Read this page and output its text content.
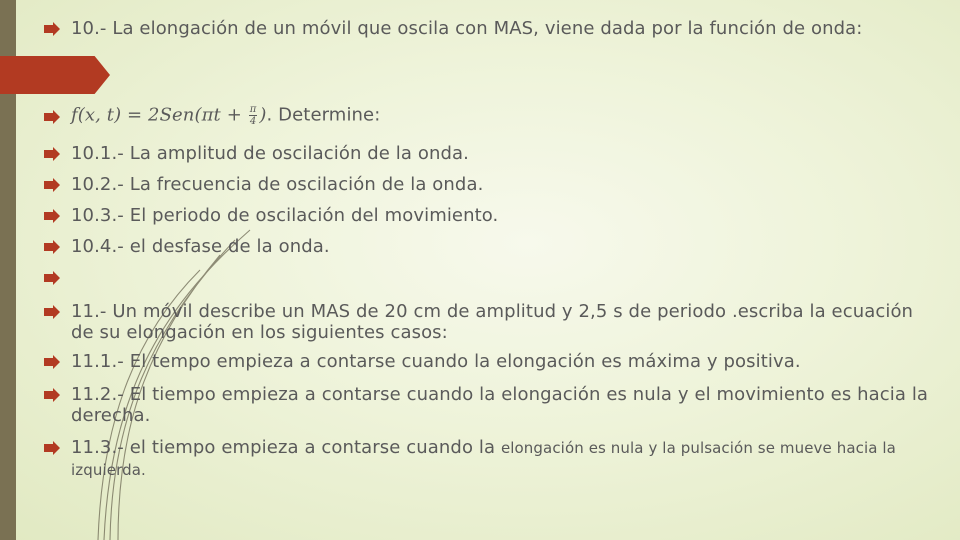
10.- La elongación de un móvil que oscila con MAS, viene dada por la función de onda:
f(x, $t) = 2Sen(\pi t + \frac{\pi}{4}$ ). Determine:
10.1.- La amplitud de oscilación de la onda.
10.2.- La frecuencia de oscilación de la onda.
10.3.- El periodo de oscilación del movimiento.
10.4.- el desfase de la onda.
11.- Un móvil describe un MAS de 20 cm de amplitud y 2,5 s de periodo .escriba la ecuación de su elongación en los siguientes casos:
11.1.- El tempo empieza a contarse cuando la elongación es máxima y positiva.
11.2.- El tiempo empieza a contarse cuando la elongación es nula y el movimiento es hacia la derecha.
11.3.- el tiempo empieza a contarse cuando la elongación es nula y la pulsación se mueve hacia la izquierda.
